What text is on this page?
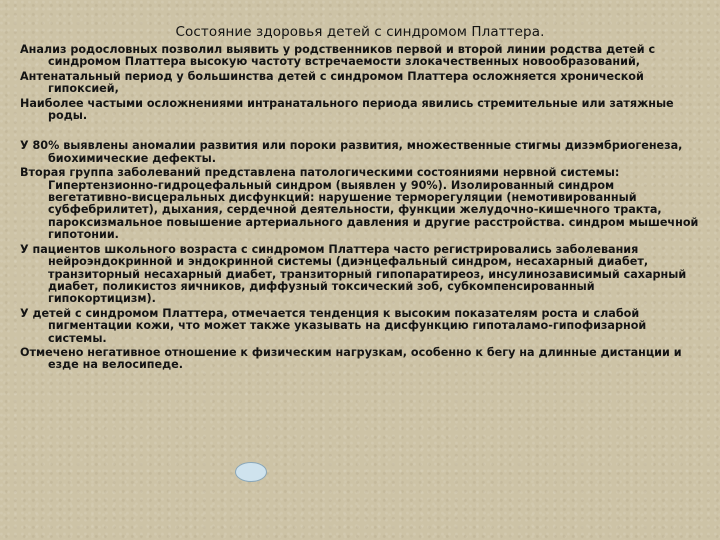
Состояние здоровья детей с синдромом Платтера.

Анализ родословных позволил выявить у родственников первой и второй линии родства детей с синдромом Платтера высокую частоту встречаемости злокачественных новообразований,

Антенатальный период у большинства детей с синдромом Платтера осложняется хронической гипоксией,

Наиболее частыми осложнениями интранатального периода явились стремительные или затяжные роды.

У 80% выявлены аномалии развития или пороки развития, множественные стигмы дизэмбриогенеза, биохимические дефекты.

Вторая группа заболеваний представлена патологическими состояниями нервной системы: Гипертензионно-гидроцефальный синдром (выявлен у 90%). Изолированный синдром вегетативно-висцеральных дисфункций: нарушение терморегуляции (немотивированный субфебрилитет), дыхания, сердечной деятельности, функции желудочно-кишечного тракта, пароксизмальное повышение артериального давления и другие расстройства. синдром мышечной гипотонии.

У пациентов школьного возраста с синдромом Платтера часто регистрировались заболевания нейроэндокринной и эндокринной системы (диэнцефальный синдром, несахарный диабет, транзиторный несахарный диабет, транзиторный гипопаратиреоз, инсулинозависимый сахарный диабет, поликистоз яичников, диффузный токсический зоб, субкомпенсированный гипокортицизм).

У детей с синдромом Платтера, отмечается тенденция к высоким показателям роста и слабой пигментации кожи, что может также указывать на дисфункцию гипоталамо-гипофизарной системы.

Отмечено негативное отношение к физическим нагрузкам, особенно к бегу на длинные дистанции и езде на велосипеде.
